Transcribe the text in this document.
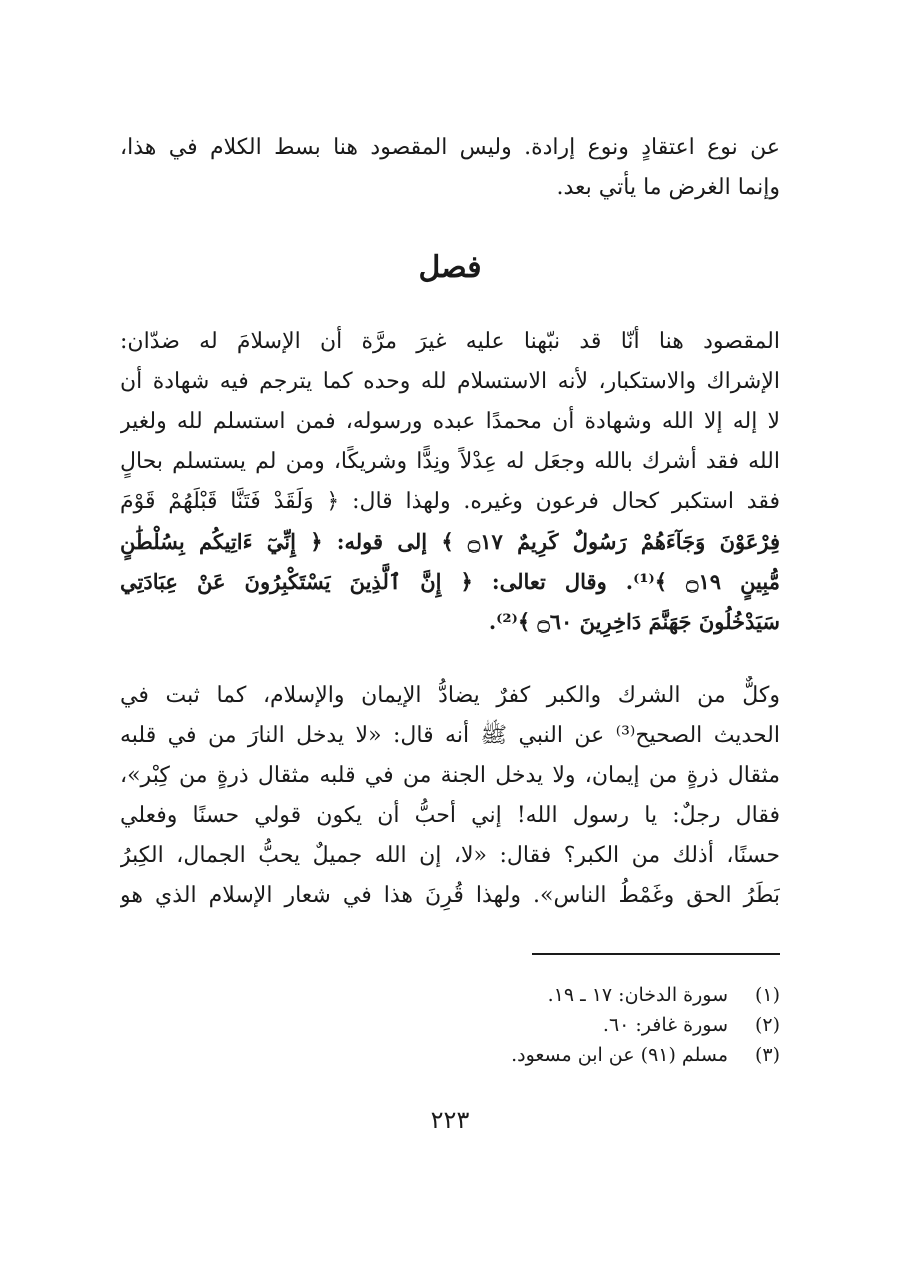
عن نوع اعتقادٍ ونوع إرادة. وليس المقصود هنا بسط الكلام في هذا،
وإنما الغرض ما يأتي بعد.

فصل

المقصود هنا أنّا قد نبّهنا عليه غيرَ مرَّة أن الإسلامَ له ضدّان:
الإشراك والاستكبار، لأنه الاستسلام لله وحده كما يترجم فيه شهادة أن
لا إله إلا الله وشهادة أن محمدًا عبده ورسوله، فمن استسلم لله ولغير
الله فقد أشرك بالله وجعَل له عِدْلاً ونِدًّا وشريكًا، ومن لم يستسلم بحالٍ
فقد استكبر كحال فرعون وغيره. ولهذا قال: ﴿ وَلَقَدْ فَتَنَّا قَبْلَهُمْ قَوْمَ
فِرْعَوْنَ وَجَآءَهُمْ رَسُولٌ كَرِيمٌ ۝١٧ ﴾ إلى قوله: ﴿ إِنِّيٓ ءَاتِيكُم بِسُلْطَٰنٍ
مُّبِينٍ ۝١٩ ﴾⁽¹⁾. وقال تعالى: ﴿ إِنَّ ٱلَّذِينَ يَسْتَكْبِرُونَ عَنْ عِبَادَتِي
سَيَدْخُلُونَ جَهَنَّمَ دَاخِرِينَ ۝٦٠ ﴾⁽²⁾.

وكلٌّ من الشرك والكبر كفرٌ يضادُّ الإيمان والإسلام، كما ثبت في
الحديث الصحيح⁽³⁾ عن النبي ﷺ أنه قال: «لا يدخل النارَ من في قلبه
مثقال ذرةٍ من إيمان، ولا يدخل الجنة من في قلبه مثقال ذرةٍ من كِبْر»،
فقال رجلٌ: يا رسول الله! إني أحبُّ أن يكون قولي حسنًا وفعلي
حسنًا، أذلك من الكبر؟ فقال: «لا، إن الله جميلٌ يحبُّ الجمال، الكِبرُ
بَطَرُ الحق وغَمْطُ الناس». ولهذا قُرِنَ هذا في شعار الإسلام الذي هو

(١)سورة الدخان: ١٧ ـ ١٩.
(٢)سورة غافر: ٦٠.
(٣)مسلم (٩١) عن ابن مسعود.
٢٢٣
